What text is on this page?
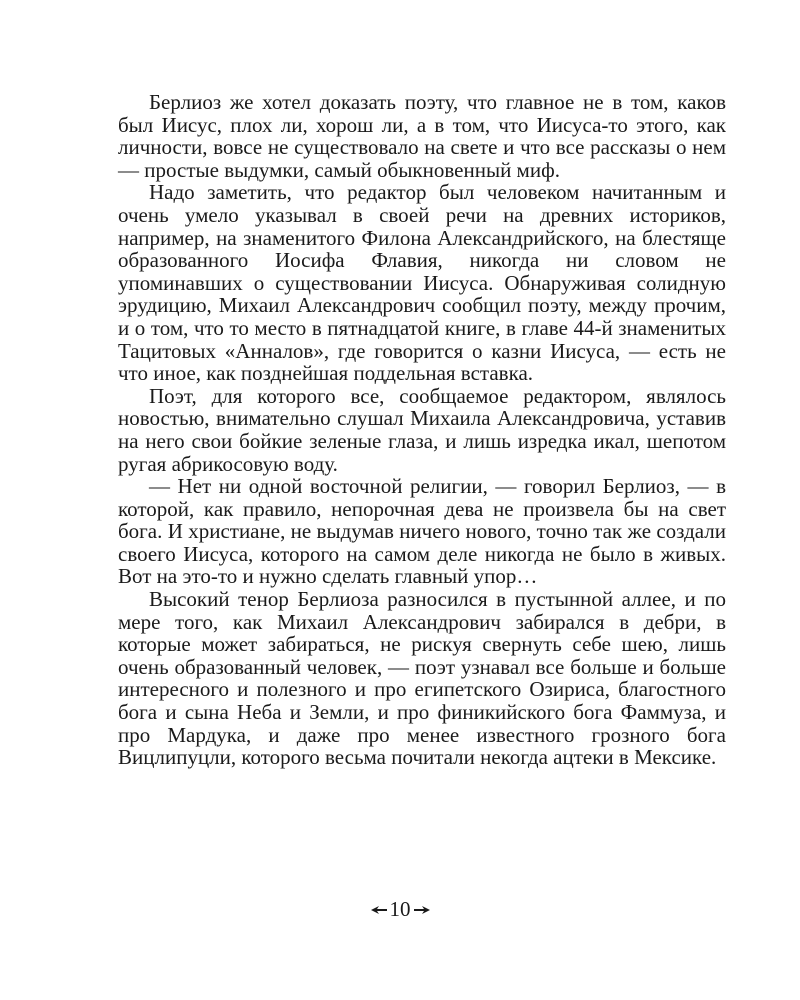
Берлиоз же хотел доказать поэту, что главное не в том, каков был Иисус, плох ли, хорош ли, а в том, что Иисуса-то этого, как личности, вовсе не существовало на свете и что все рассказы о нем — простые выдумки, самый обыкновенный миф.

Надо заметить, что редактор был человеком начитанным и очень умело указывал в своей речи на древних историков, например, на знаменитого Филона Александрийского, на блестяще образованного Иосифа Флавия, никогда ни словом не упоминавших о существовании Иисуса. Обнаруживая солидную эрудицию, Михаил Александрович сообщил поэту, между прочим, и о том, что то место в пятнадцатой книге, в главе 44-й знаменитых Тацитовых «Анналов», где говорится о казни Иисуса, — есть не что иное, как позднейшая поддельная вставка.

Поэт, для которого все, сообщаемое редактором, являлось новостью, внимательно слушал Михаила Александровича, уставив на него свои бойкие зеленые глаза, и лишь изредка икал, шепотом ругая абрикосовую воду.

— Нет ни одной восточной религии, — говорил Берлиоз, — в которой, как правило, непорочная дева не произвела бы на свет бога. И христиане, не выдумав ничего нового, точно так же создали своего Иисуса, которого на самом деле никогда не было в живых. Вот на это-то и нужно сделать главный упор…

Высокий тенор Берлиоза разносился в пустынной аллее, и по мере того, как Михаил Александрович забирался в дебри, в которые может забираться, не рискуя свернуть себе шею, лишь очень образованный человек, — поэт узнавал все больше и больше интересного и полезного и про египетского Озириса, благостного бога и сына Неба и Земли, и про финикийского бога Фаммуза, и про Мардука, и даже про менее известного грозного бога Вицлипуцли, которого весьма почитали некогда ацтеки в Мексике.

10
